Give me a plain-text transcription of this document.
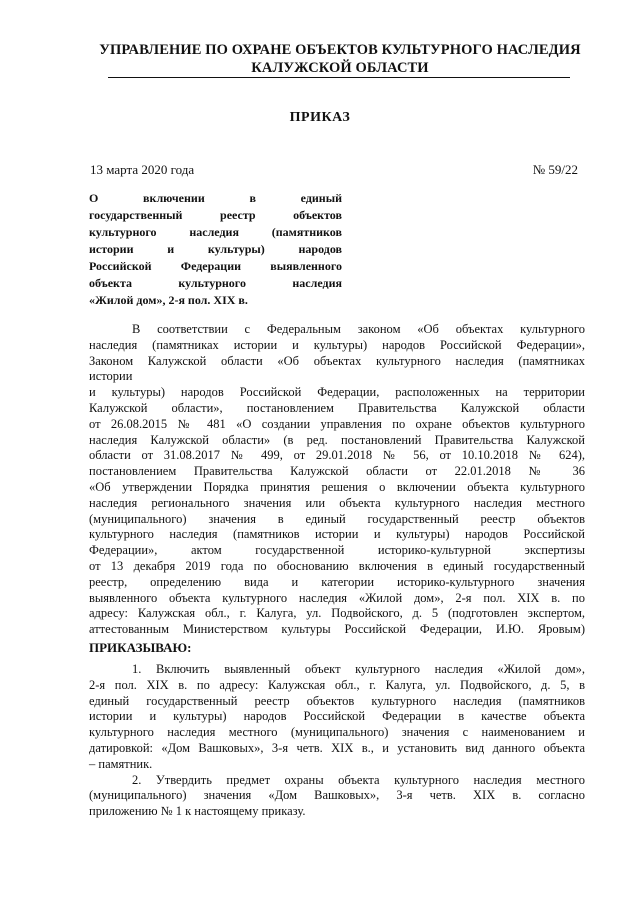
УПРАВЛЕНИЕ ПО ОХРАНЕ ОБЪЕКТОВ КУЛЬТУРНОГО НАСЛЕДИЯ
КАЛУЖСКОЙ ОБЛАСТИ
ПРИКАЗ
13 марта 2020 года	№ 59/22
О включении в единый
государственный реестр объектов
культурного наследия (памятников
истории и культуры) народов
Российской Федерации выявленного
объекта культурного наследия
«Жилой дом», 2-я пол. XIX в.
В соответствии с Федеральным законом «Об объектах культурного
наследия (памятниках истории и культуры) народов Российской Федерации»,
Законом Калужской области «Об объектах культурного наследия (памятниках
истории
и культуры) народов Российской Федерации, расположенных на территории
Калужской области», постановлением Правительства Калужской области
от 26.08.2015 № 481 «О создании управления по охране объектов культурного
наследия Калужской области» (в ред. постановлений Правительства Калужской
области от 31.08.2017 № 499, от 29.01.2018 № 56, от 10.10.2018 № 624),
постановлением Правительства Калужской области от 22.01.2018 № 36
«Об утверждении Порядка принятия решения о включении объекта культурного
наследия регионального значения или объекта культурного наследия местного
(муниципального) значения в единый государственный реестр объектов
культурного наследия (памятников истории и культуры) народов Российской
Федерации», актом государственной историко-культурной экспертизы
от 13 декабря 2019 года по обоснованию включения в единый государственный
реестр, определению вида и категории историко-культурного значения
выявленного объекта культурного наследия «Жилой дом», 2-я пол. XIX в. по
адресу: Калужская обл., г. Калуга, ул. Подвойского, д. 5 (подготовлен экспертом,
аттестованным Министерством культуры Российской Федерации, И.Ю. Яровым)
ПРИКАЗЫВАЮ:
1. Включить выявленный объект культурного наследия «Жилой дом»,
2-я пол. XIX в. по адресу: Калужская обл., г. Калуга, ул. Подвойского, д. 5, в
единый государственный реестр объектов культурного наследия (памятников
истории и культуры) народов Российской Федерации в качестве объекта
культурного наследия местного (муниципального) значения с наименованием и
датировкой: «Дом Вашковых», 3-я четв. XIX в., и установить вид данного объекта
– памятник.
2. Утвердить предмет охраны объекта культурного наследия местного
(муниципального) значения «Дом Вашковых», 3-я четв. XIX в. согласно
приложению № 1 к настоящему приказу.
